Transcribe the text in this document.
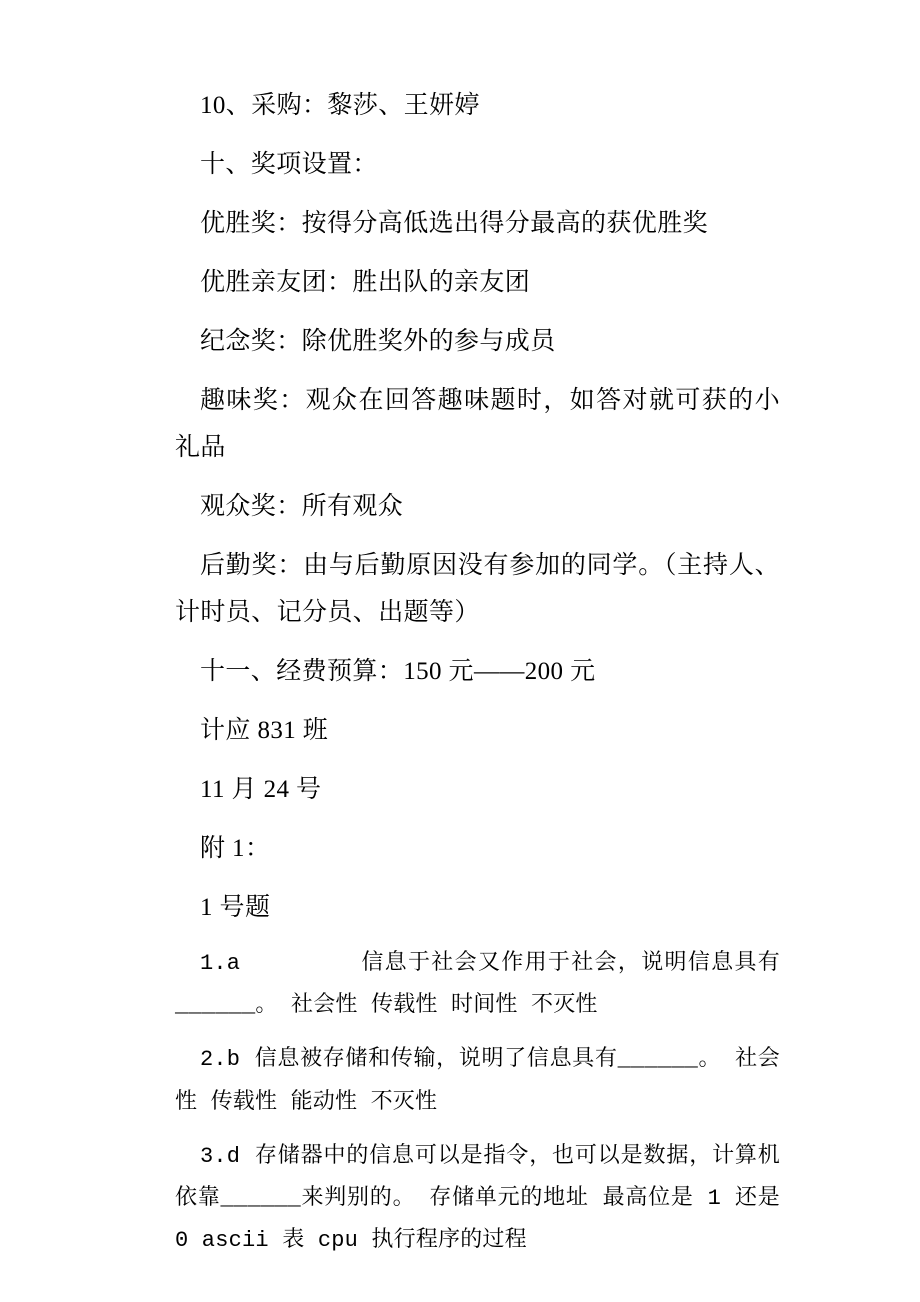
10、采购：黎莎、王妍婷

十、奖项设置：

优胜奖：按得分高低选出得分最高的获优胜奖

优胜亲友团：胜出队的亲友团

纪念奖：除优胜奖外的参与成员

趣味奖：观众在回答趣味题时，如答对就可获的小礼品

观众奖：所有观众

后勤奖：由与后勤原因没有参加的同学。（主持人、计时员、记分员、出题等）

十一、经费预算：150 元——200 元

计应 831 班

11 月 24 号

附 1：

1 号题

1.a	信息于社会又作用于社会，说明信息具有______。 社会性 传载性 时间性 不灭性

2.b 信息被存储和传输，说明了信息具有______。 社会性 传载性 能动性 不灭性

3.d 存储器中的信息可以是指令，也可以是数据，计算机依靠______来判别的。 存储单元的地址 最高位是 1 还是 0 ascii 表 cpu 执行程序的过程
